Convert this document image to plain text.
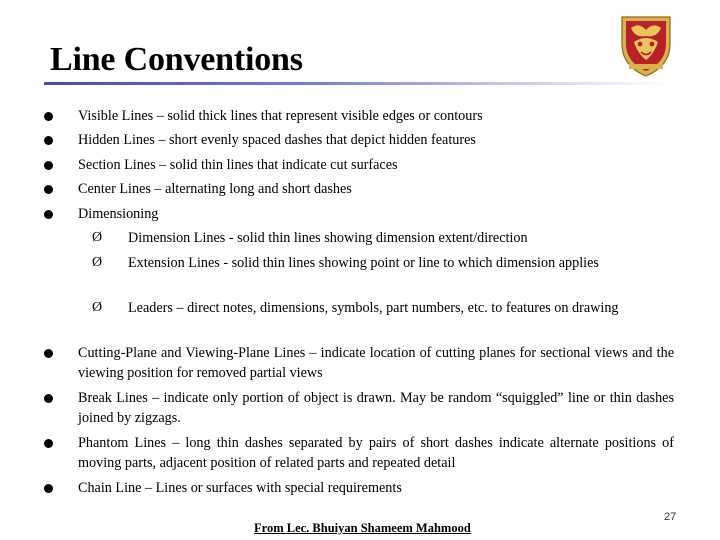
Line Conventions
Visible Lines – solid thick lines that represent visible edges or contours
Hidden Lines – short evenly spaced dashes that depict hidden features
Section Lines – solid thin lines that indicate cut surfaces
Center Lines – alternating long and short dashes
Dimensioning
Ø Dimension Lines - solid thin lines showing dimension extent/direction
Ø Extension Lines - solid thin lines showing point or line to which dimension applies
Ø Leaders – direct notes, dimensions, symbols, part numbers, etc. to features on drawing
Cutting-Plane and Viewing-Plane Lines – indicate location of cutting planes for sectional views and the viewing position for removed partial views
Break Lines – indicate only portion of object is drawn. May be random “squiggled” line or thin dashes joined by zigzags.
Phantom Lines – long thin dashes separated by pairs of short dashes indicate alternate positions of moving parts, adjacent position of related parts and repeated detail
Chain Line – Lines or surfaces with special requirements
27
From Lec. Bhuiyan Shameem Mahmood
